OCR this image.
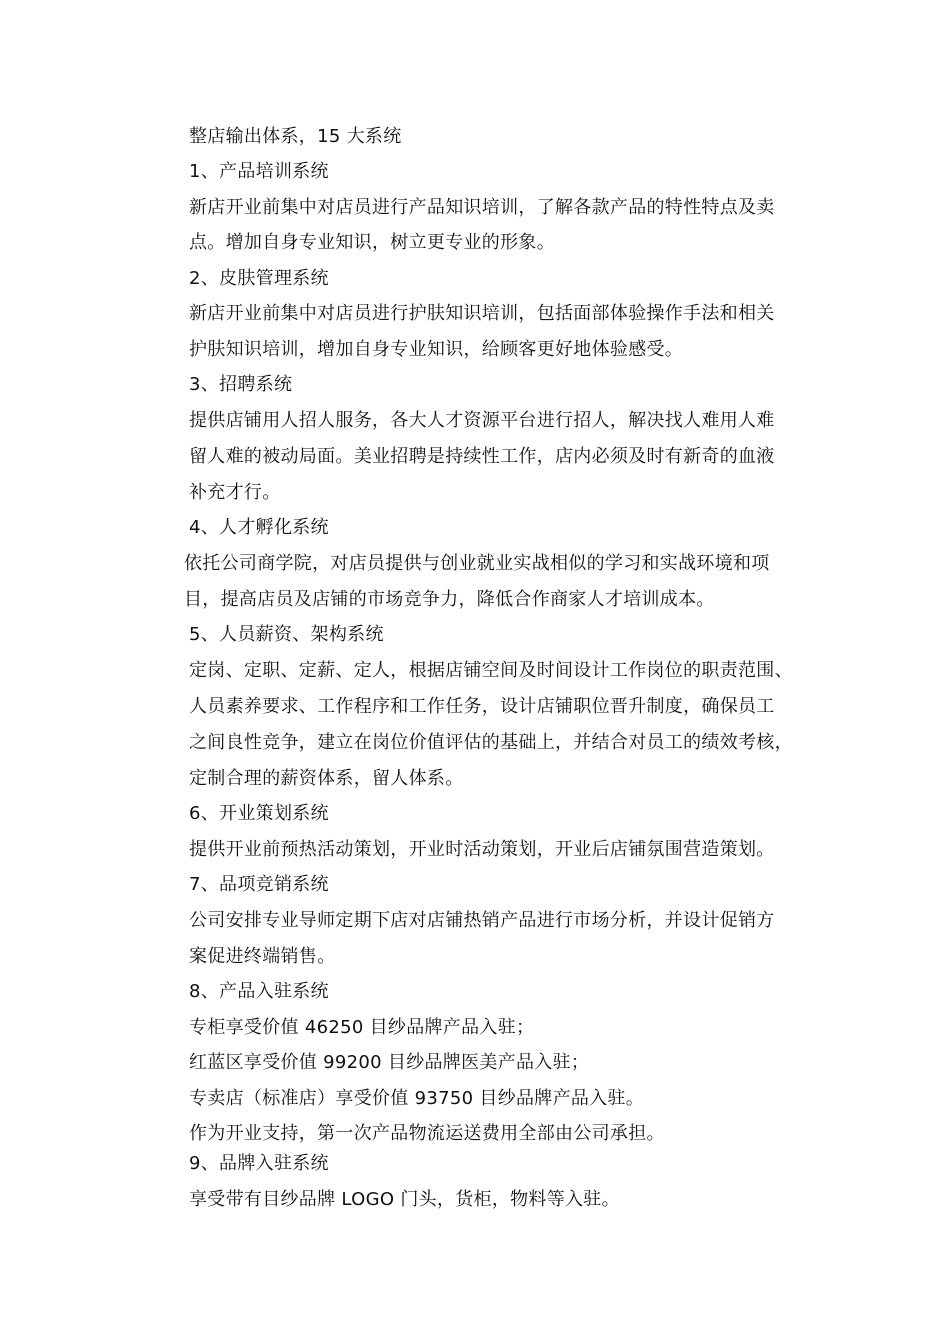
整店输出体系，15 大系统
1、产品培训系统
新店开业前集中对店员进行产品知识培训，了解各款产品的特性特点及卖
点。增加自身专业知识，树立更专业的形象。
2、皮肤管理系统
新店开业前集中对店员进行护肤知识培训，包括面部体验操作手法和相关
护肤知识培训，增加自身专业知识，给顾客更好地体验感受。
3、招聘系统
提供店铺用人招人服务，各大人才资源平台进行招人，解决找人难用人难
留人难的被动局面。美业招聘是持续性工作，店内必须及时有新奇的血液
补充才行。
4、人才孵化系统
依托公司商学院，对店员提供与创业就业实战相似的学习和实战环境和项
目，提高店员及店铺的市场竞争力，降低合作商家人才培训成本。
5、人员薪资、架构系统
定岗、定职、定薪、定人，根据店铺空间及时间设计工作岗位的职责范围、
人员素养要求、工作程序和工作任务，设计店铺职位晋升制度，确保员工
之间良性竞争，建立在岗位价值评估的基础上，并结合对员工的绩效考核，
定制合理的薪资体系，留人体系。
6、开业策划系统
提供开业前预热活动策划，开业时活动策划，开业后店铺氛围营造策划。
7、品项竞销系统
公司安排专业导师定期下店对店铺热销产品进行市场分析，并设计促销方
案促进终端销售。
8、产品入驻系统
专柜享受价值 46250 目纱品牌产品入驻；
红蓝区享受价值 99200 目纱品牌医美产品入驻；
专卖店（标准店）享受价值 93750 目纱品牌产品入驻。
作为开业支持，第一次产品物流运送费用全部由公司承担。
9、品牌入驻系统
享受带有目纱品牌 LOGO 门头，货柜，物料等入驻。
